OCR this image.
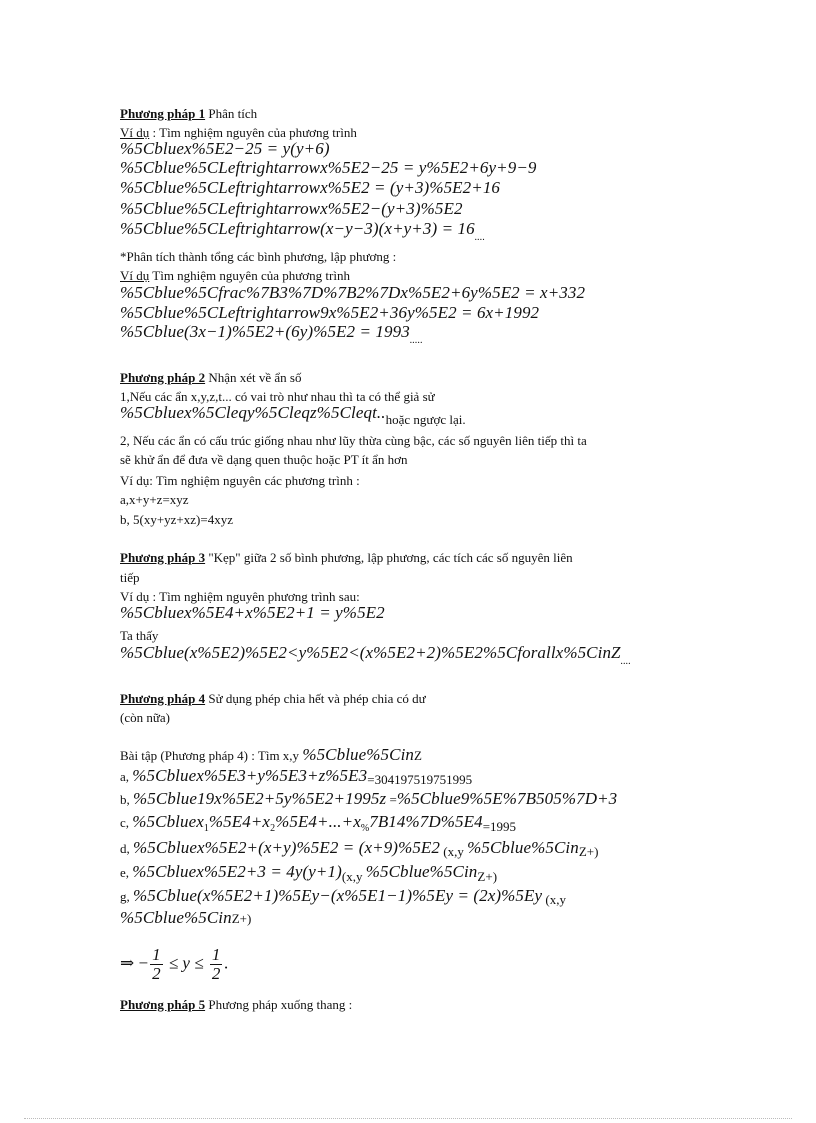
Phương pháp 1 Phân tích
Ví dụ : Tìm nghiệm nguyên của phương trình
%5Cbluex%5E2−25 = y(y+6)
%5Cblue%5CLeftrightarrowx%5E2−25 = y%5E2+6y+9−9
%5Cblue%5CLeftrightarrowx%5E2 = (y+3)%5E2+16
%5Cblue%5CLeftrightarrowx%5E2−(y+3)%5E2
%5Cblue%5CLeftrightarrow(x−y−3)(x+y+3) = $16_{....}$
*Phân tích thành tổng các bình phương, lập phương :
Ví dụ Tìm nghiệm nguyên của phương trình
%5Cblue%5Cfrac%7B3%7D%7B2%7Dx%5E2+6y%5E2 = x+332
%5Cblue%5CLeftrightarrow9x%5E2+36y%5E2 = 6x+1992
%5Cblue(3x−1)%5E2+(6y)%5E2 = $1993_{.....}$
Phương pháp 2 Nhận xét về ẩn số
1,Nếu các ẩn x,y,z,t... có vai trò như nhau thì ta có thể giả sử
%5Cbluex%5Cleqy%5Cleqz%5Cleqt..hoặc ngược lại.
2, Nếu các ẩn có cấu trúc giống nhau như lũy thừa cùng bậc, các số nguyên liên tiếp thì ta
sẽ khử ẩn để đưa về dạng quen thuộc hoặc PT ít ẩn hơn
Ví dụ: Tìm nghiệm nguyên các phương trình :
a,x+y+z=xyz
b, 5(xy+yz+xz)=4xyz
Phương pháp 3 "Kẹp" giữa 2 số bình phương, lập phương, các tích các số nguyên liên
tiếp
Ví dụ : Tìm nghiệm nguyên phương trình sau:
%5Cbluex%5E4+x%5E2+1 = y%5E2
Ta thấy
%5Cblue(x%5E2)%5E2<y%5E2<(x%5E2+2)%5E2%5Cforallx%5CinZ$_{....}$
Phương pháp 4 Sử dụng phép chia hết và phép chia có dư
(còn nữa)
Bài tập (Phương pháp 4) : Tìm x,y %5Cblue%5CinZ
a, %5Cbluex%5E3+y%5E3+z%5E3=304197519751995
b, %5Cblue19x%5E2+5y%5E2+1995z =%5Cblue9%5E%7B505%7D+3
c, $\%5Cbluex_1\%5E4+x_2\%5E4+...+x_{\%}7B14\%7D\%5E4=1995$
d, %5Cbluex%5E2+(x+y)%5E2 = (x+9)%5E2 (x,y %5Cblue%5CinZ+)
e, %5Cbluex%5E2+3 = 4y(y+1)(x,y %5Cblue%5CinZ+)
g, %5Cblue(x%5E2+1)%5Ey−(x%5E1−1)%5Ey = (2x)%5Ey (x,y
%5Cblue%5CinZ+)
⇒ − $\frac{1}{2} \le y \le \frac{1}{2}$ .
Phương pháp 5 Phương pháp xuống thang :
